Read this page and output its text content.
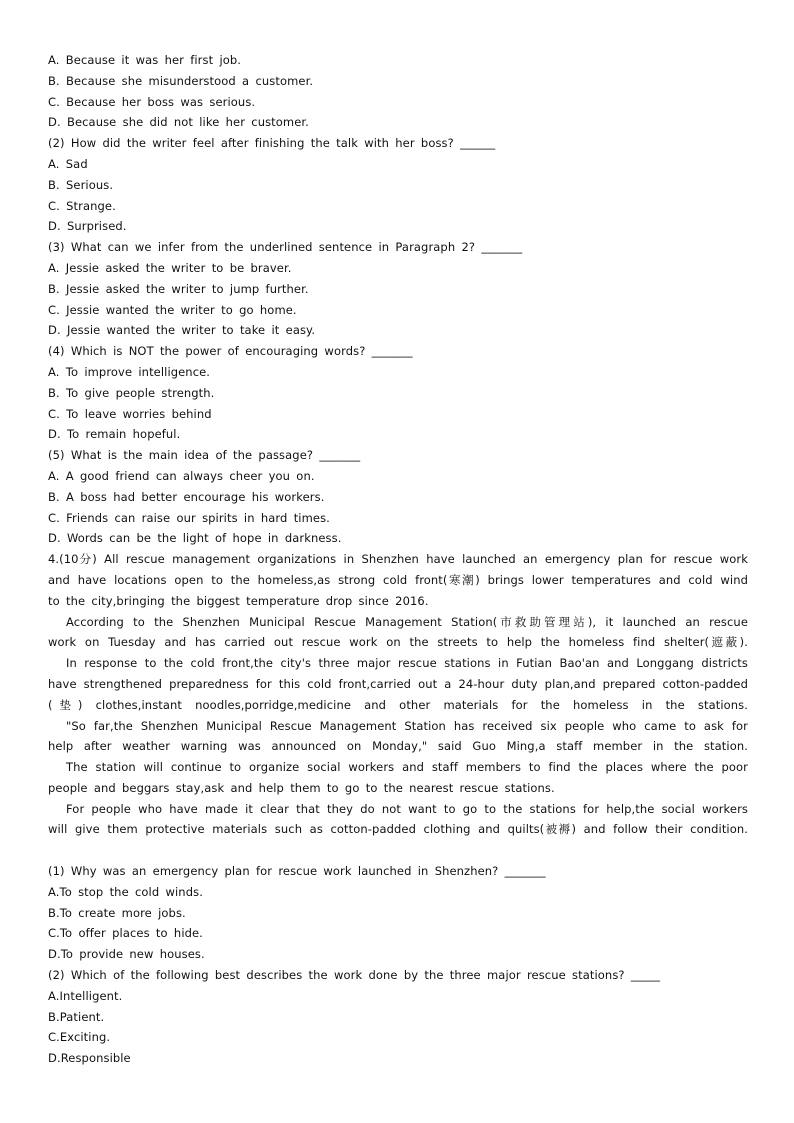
A. Because it was her first job.
B. Because she misunderstood a customer.
C. Because her boss was serious.
D. Because she did not like her customer.
(2) How did the writer feel after finishing the talk with her boss? ______
A. Sad
B. Serious.
C. Strange.
D. Surprised.
(3) What can we infer from the underlined sentence in Paragraph 2? _______
A. Jessie asked the writer to be braver.
B. Jessie asked the writer to jump further.
C. Jessie wanted the writer to go home.
D. Jessie wanted the writer to take it easy.
(4) Which is NOT the power of encouraging words? _______
A. To improve intelligence.
B. To give people strength.
C. To leave worries behind
D. To remain hopeful.
(5) What is the main idea of the passage? _______
A. A good friend can always cheer you on.
B. A boss had better encourage his workers.
C. Friends can raise our spirits in hard times.
D. Words can be the light of hope in darkness.
4.(10分) All rescue management organizations in Shenzhen have launched an emergency plan for rescue work
and have locations open to the homeless,as strong cold front(寒潮) brings lower temperatures and cold wind
to the city,bringing the biggest temperature drop since 2016.
According to the Shenzhen Municipal Rescue Management Station(市救助管理站), it launched an rescue
work on Tuesday and has carried out rescue work on the streets to help the homeless find shelter(遮蔽).
In response to the cold front,the city's three major rescue stations in Futian Bao'an and Longgang districts
have strengthened preparedness for this cold front,carried out a 24-hour duty plan,and prepared cotton-padded
(垫) clothes,instant noodles,porridge,medicine and other materials for the homeless in the stations.
"So far,the Shenzhen Municipal Rescue Management Station has received six people who came to ask for
help after weather warning was announced on Monday," said Guo Ming,a staff member in the station.
The station will continue to organize social workers and staff members to find the places where the poor
people and beggars stay,ask and help them to go to the nearest rescue stations.
For people who have made it clear that they do not want to go to the stations for help,the social workers
will give them protective materials such as cotton-padded clothing and quilts(被褥) and follow their condition.
(1) Why was an emergency plan for rescue work launched in Shenzhen? _______
A.To stop the cold winds.
B.To create more jobs.
C.To offer places to hide.
D.To provide new houses.
(2) Which of the following best describes the work done by the three major rescue stations? _____
A.Intelligent.
B.Patient.
C.Exciting.
D.Responsible
